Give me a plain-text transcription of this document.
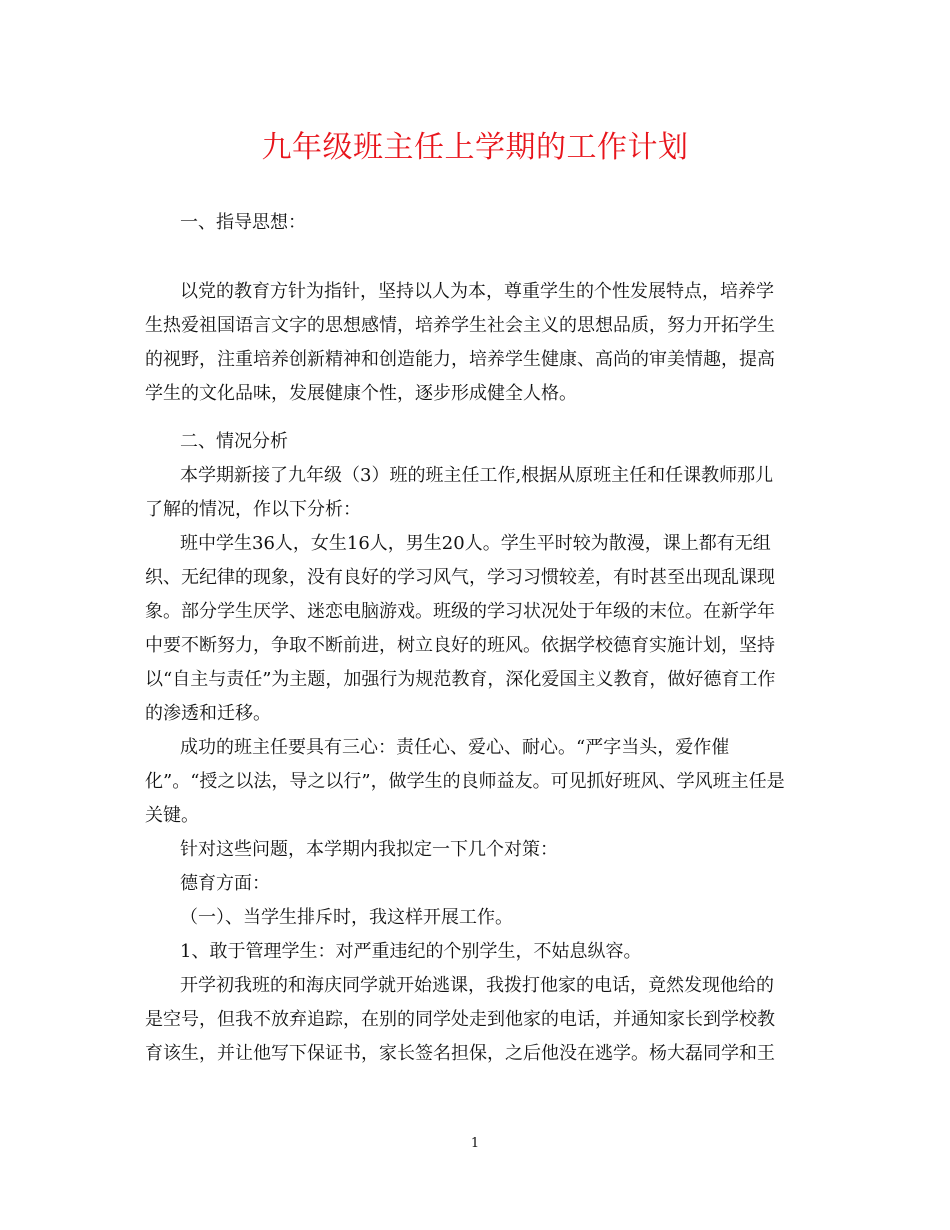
九年级班主任上学期的工作计划
一、指导思想：
以党的教育方针为指针，坚持以人为本，尊重学生的个性发展特点，培养学
生热爱祖国语言文字的思想感情，培养学生社会主义的思想品质，努力开拓学生
的视野，注重培养创新精神和创造能力，培养学生健康、高尚的审美情趣，提高
学生的文化品味，发展健康个性，逐步形成健全人格。
二、情况分析
本学期新接了九年级（3）班的班主任工作,根据从原班主任和任课教师那儿
了解的情况，作以下分析：
班中学生36人，女生16人，男生20人。学生平时较为散漫，课上都有无组
织、无纪律的现象，没有良好的学习风气，学习习惯较差，有时甚至出现乱课现
象。部分学生厌学、迷恋电脑游戏。班级的学习状况处于年级的末位。在新学年
中要不断努力，争取不断前进，树立良好的班风。依据学校德育实施计划，坚持
以“自主与责任”为主题，加强行为规范教育，深化爱国主义教育，做好德育工作
的渗透和迁移。
成功的班主任要具有三心：责任心、爱心、耐心。“严字当头，爱作催
化”。“授之以法，导之以行”，做学生的良师益友。可见抓好班风、学风班主任是
关键。
针对这些问题，本学期内我拟定一下几个对策：
德育方面：
（一）、当学生排斥时，我这样开展工作。
1、敢于管理学生：对严重违纪的个别学生，不姑息纵容。
开学初我班的和海庆同学就开始逃课，我拨打他家的电话，竟然发现他给的
是空号，但我不放弃追踪，在别的同学处走到他家的电话，并通知家长到学校教
育该生，并让他写下保证书，家长签名担保，之后他没在逃学。杨大磊同学和王
1
